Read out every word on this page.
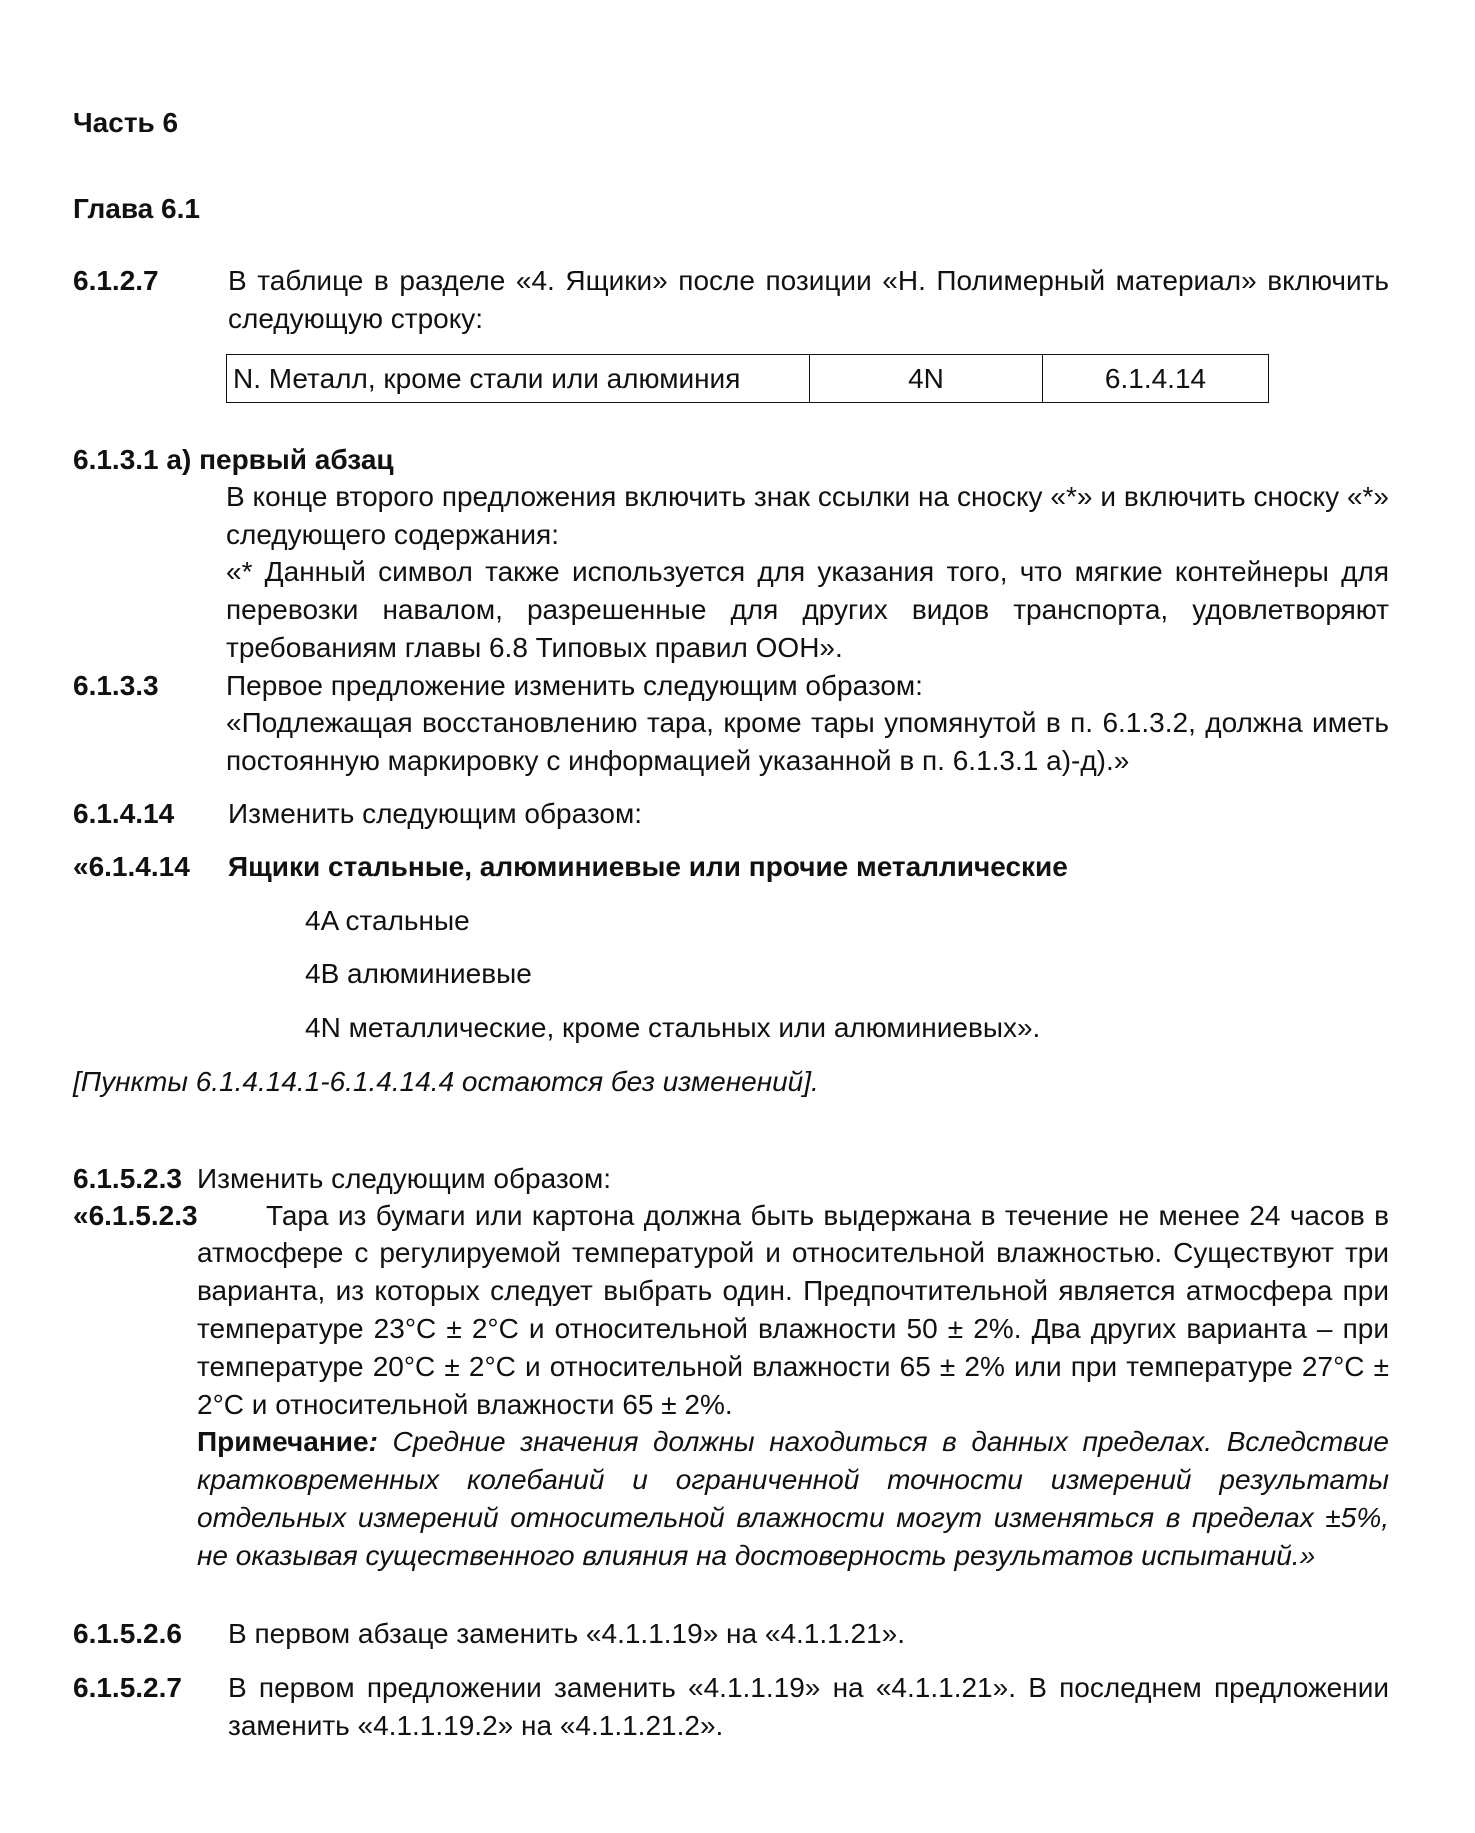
Часть 6
Глава 6.1
6.1.2.7 В таблице в разделе «4. Ящики» после позиции «H. Полимерный материал» включить следующую строку:
N. Металл, кроме стали или алюминия	4N	6.1.4.14
6.1.3.1 a) первый абзац
В конце второго предложения включить знак ссылки на сноску «*» и включить сноску «*» следующего содержания:
«* Данный символ также используется для указания того, что мягкие контейнеры для перевозки навалом, разрешенные для других видов транспорта, удовлетворяют требованиям главы 6.8 Типовых правил ООН».
6.1.3.3 Первое предложение изменить следующим образом:
«Подлежащая восстановлению тара, кроме тары упомянутой в п. 6.1.3.2, должна иметь постоянную маркировку с информацией указанной в п. 6.1.3.1 а)-д).»
6.1.4.14 Изменить следующим образом:
«6.1.4.14 Ящики стальные, алюминиевые или прочие металлические
4A стальные
4B алюминиевые
4N металлические, кроме стальных или алюминиевых».
[Пункты 6.1.4.14.1-6.1.4.14.4 остаются без изменений].
6.1.5.2.3 Изменить следующим образом:
«6.1.5.2.3 Тара из бумаги или картона должна быть выдержана в течение не менее 24 часов в
атмосфере с регулируемой температурой и относительной влажностью. Существуют три варианта, из которых следует выбрать один. Предпочтительной является атмосфера при температуре 23°C ± 2°C и относительной влажности 50 ± 2%. Два других варианта – при температуре 20°C ± 2°C и относительной влажности 65 ± 2% или при температуре 27°C ± 2°C и относительной влажности 65 ± 2%.
Примечание: Средние значения должны находиться в данных пределах. Вследствие кратковременных колебаний и ограниченной точности измерений результаты отдельных измерений относительной влажности могут изменяться в пределах ±5%, не оказывая существенного влияния на достоверность результатов испытаний.»
6.1.5.2.6 В первом абзаце заменить «4.1.1.19» на «4.1.1.21».
6.1.5.2.7 В первом предложении заменить «4.1.1.19» на «4.1.1.21». В последнем предложении заменить «4.1.1.19.2» на «4.1.1.21.2».
